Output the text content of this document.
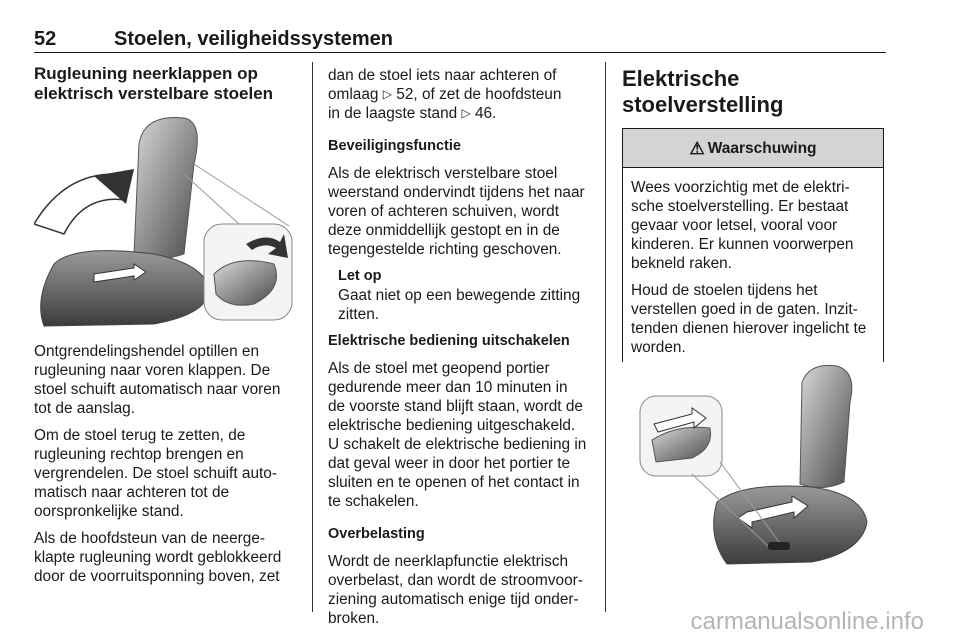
52	Stoelen, veiligheidssystemen

Rugleuning neerklappen op
elektrisch verstelbare stoelen

Ontgrendelingshendel optillen en
rugleuning naar voren klappen. De
stoel schuift automatisch naar voren
tot de aanslag.

Om de stoel terug te zetten, de
rugleuning rechtop brengen en
vergrendelen. De stoel schuift auto-
matisch naar achteren tot de
oorspronkelijke stand.

Als de hoofdsteun van de neerge-
klapte rugleuning wordt geblokkeerd
door de voorruitsponning boven, zet

dan de stoel iets naar achteren of
omlaag ▷ 52, of zet de hoofdsteun
in de laagste stand ▷ 46.

Beveiligingsfunctie

Als de elektrisch verstelbare stoel
weerstand ondervindt tijdens het naar
voren of achteren schuiven, wordt
deze onmiddellijk gestopt en in de
tegengestelde richting geschoven.

Let op

Gaat niet op een bewegende zitting
zitten.

Elektrische bediening uitschakelen

Als de stoel met geopend portier
gedurende meer dan 10 minuten in
de voorste stand blijft staan, wordt de
elektrische bediening uitgeschakeld.
U schakelt de elektrische bediening in
dat geval weer in door het portier te
sluiten en te openen of het contact in
te schakelen.

Overbelasting

Wordt de neerklapfunctie elektrisch
overbelast, dan wordt de stroomvoor-
ziening automatisch enige tijd onder-
broken.

Elektrische stoelverstelling

⚠ Waarschuwing

Wees voorzichtig met de elektri-
sche stoelverstelling. Er bestaat
gevaar voor letsel, vooral voor
kinderen. Er kunnen voorwerpen
bekneld raken.

Houd de stoelen tijdens het
verstellen goed in de gaten. Inzit-
tenden dienen hierover ingelicht te
worden.

carmanualsonline.info
